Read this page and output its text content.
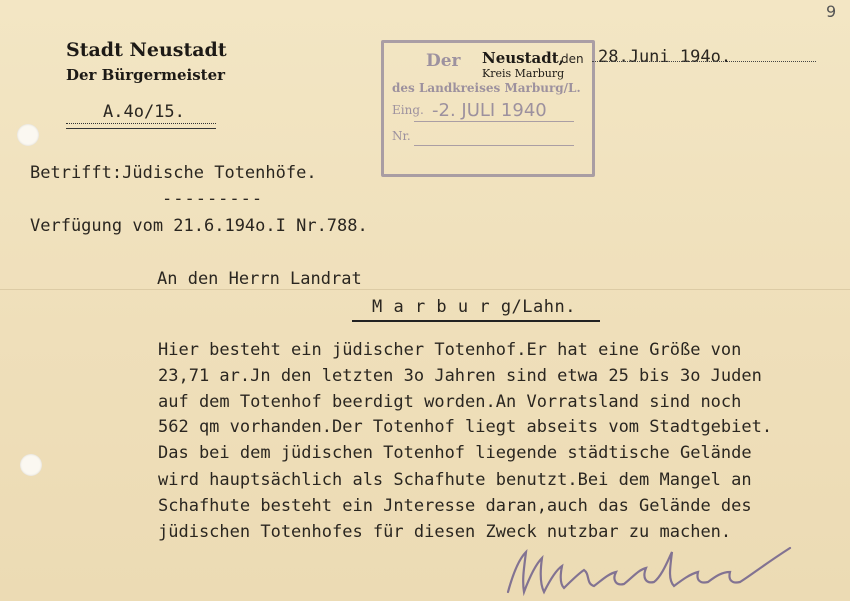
9
Stadt Neustadt
Der Bürgermeister
A.4o/15.
Der
des Landkreises Marburg/L.
Eing. -2. JULI 1940
Nr.
Neustadt,
Kreis Marburg
den 28.Juni 194o.
Betrifft:Jüdische Totenhöfe.
---------
Verfügung vom 21.6.194o.I Nr.788.
An den Herrn Landrat
M a r b u r g/Lahn.
Hier besteht ein jüdischer Totenhof.Er hat eine Größe von
23,71 ar.Jn den letzten 3o Jahren sind etwa 25 bis 3o Juden
auf dem Totenhof beerdigt worden.An Vorratsland sind noch
562 qm vorhanden.Der Totenhof liegt abseits vom Stadtgebiet.
Das bei dem jüdischen Totenhof liegende städtische Gelände
wird hauptsächlich als Schafhute benutzt.Bei dem Mangel an
Schafhute besteht ein Jnteresse daran,auch das Gelände des
jüdischen Totenhofes für diesen Zweck nutzbar zu machen.
